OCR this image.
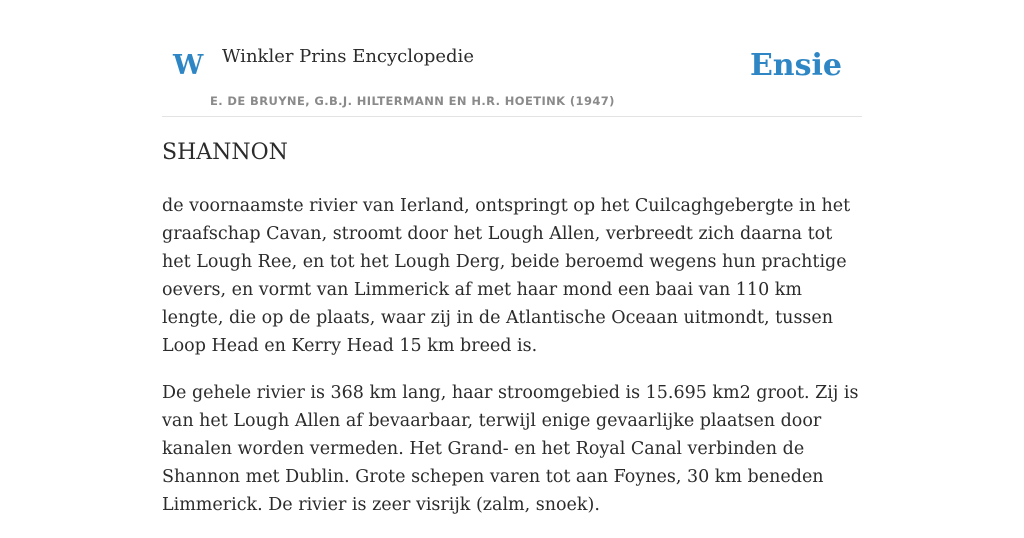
W Winkler Prins Encyclopedie
E. DE BRUYNE, G.B.J. HILTERMANN EN H.R. HOETINK (1947)
Ensie
SHANNON

de voornaamste rivier van Ierland, ontspringt op het Cuilcaghgebergte in het graafschap Cavan, stroomt door het Lough Allen, verbreedt zich daarna tot het Lough Ree, en tot het Lough Derg, beide beroemd wegens hun prachtige oevers, en vormt van Limmerick af met haar mond een baai van 110 km lengte, die op de plaats, waar zij in de Atlantische Oceaan uitmondt, tussen Loop Head en Kerry Head 15 km breed is.

De gehele rivier is 368 km lang, haar stroomgebied is 15.695 km2 groot. Zij is van het Lough Allen af bevaarbaar, terwijl enige gevaarlijke plaatsen door kanalen worden vermeden. Het Grand- en het Royal Canal verbinden de Shannon met Dublin. Grote schepen varen tot aan Foynes, 30 km beneden Limmerick. De rivier is zeer visrijk (zalm, snoek).
